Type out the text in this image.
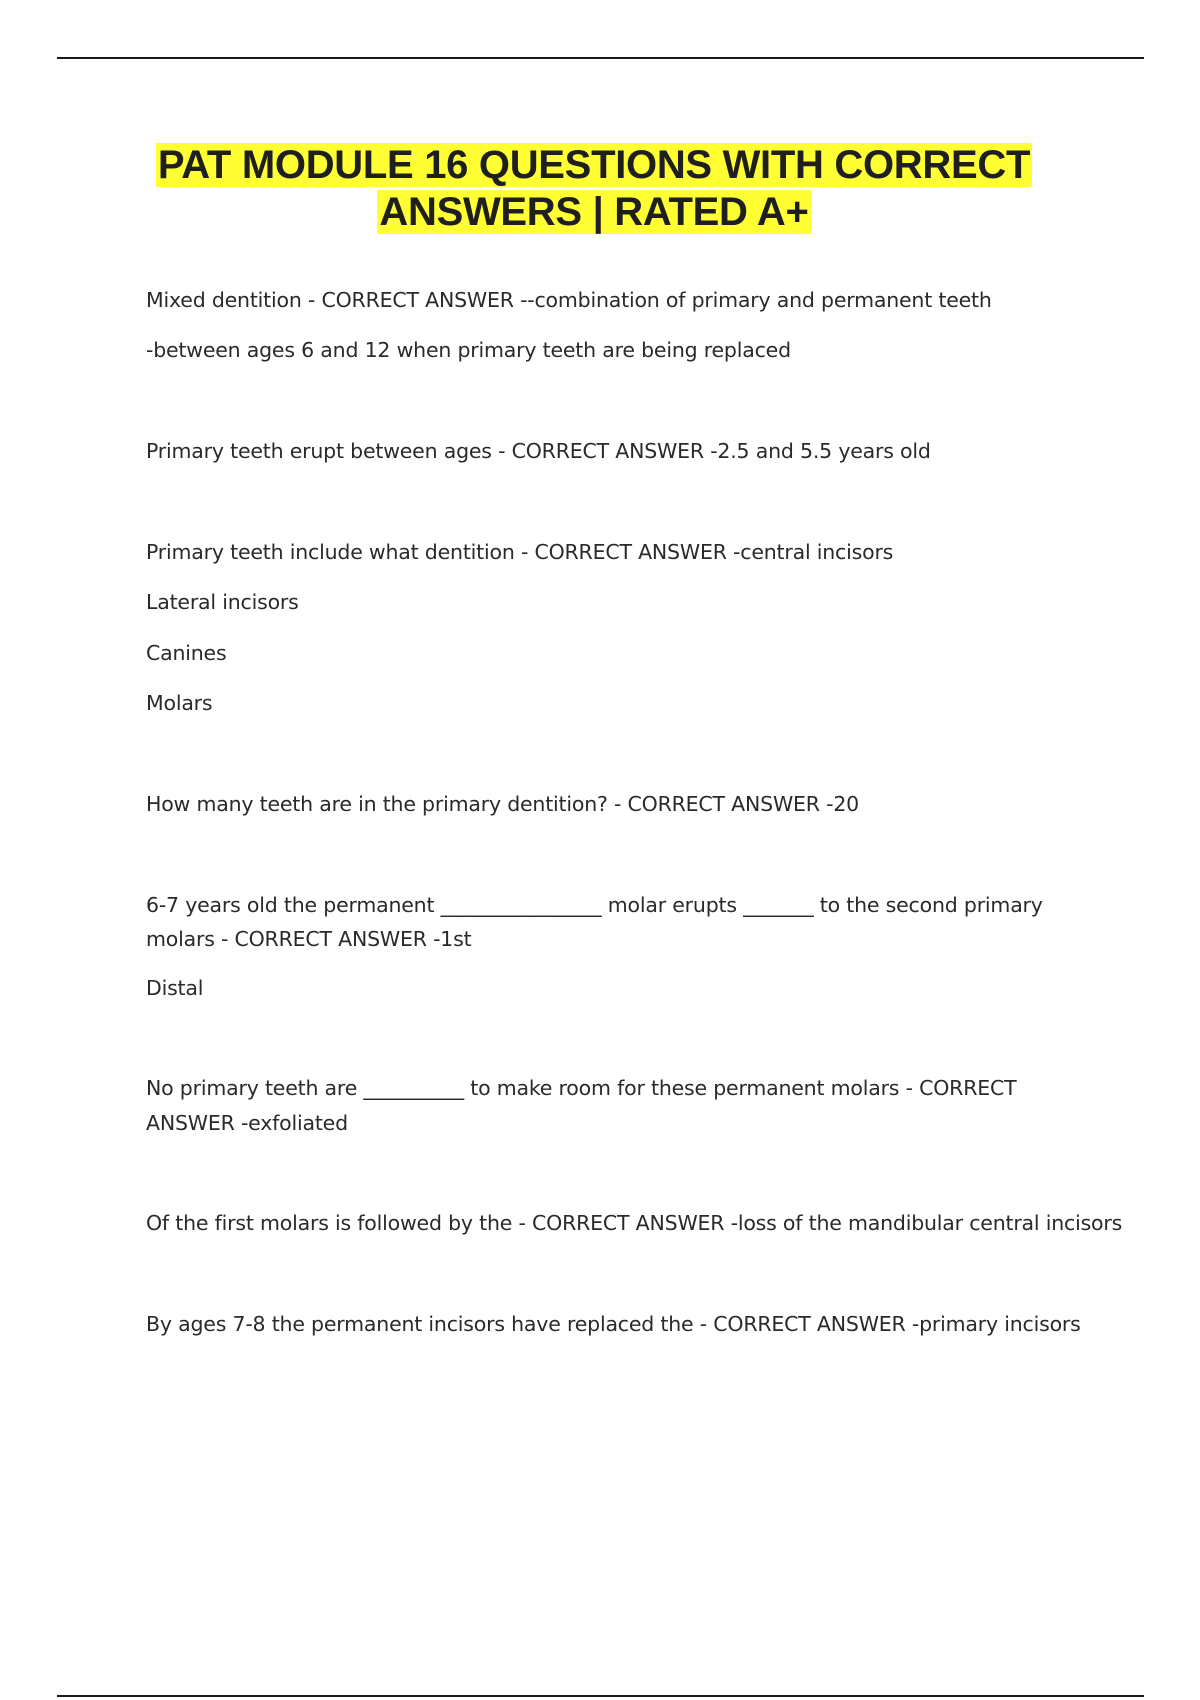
PAT MODULE 16 QUESTIONS WITH CORRECT
ANSWERS | RATED A+
Mixed dentition - CORRECT ANSWER --combination of primary and permanent teeth
-between ages 6 and 12 when primary teeth are being replaced
Primary teeth erupt between ages - CORRECT ANSWER -2.5 and 5.5 years old
Primary teeth include what dentition - CORRECT ANSWER -central incisors
Lateral incisors
Canines
Molars
How many teeth are in the primary dentition? - CORRECT ANSWER -20
6-7 years old the permanent ________________ molar erupts _______ to the second primary
molars - CORRECT ANSWER -1st
Distal
No primary teeth are __________ to make room for these permanent molars - CORRECT
ANSWER -exfoliated
Of the first molars is followed by the - CORRECT ANSWER -loss of the mandibular central incisors
By ages 7-8 the permanent incisors have replaced the - CORRECT ANSWER -primary incisors
